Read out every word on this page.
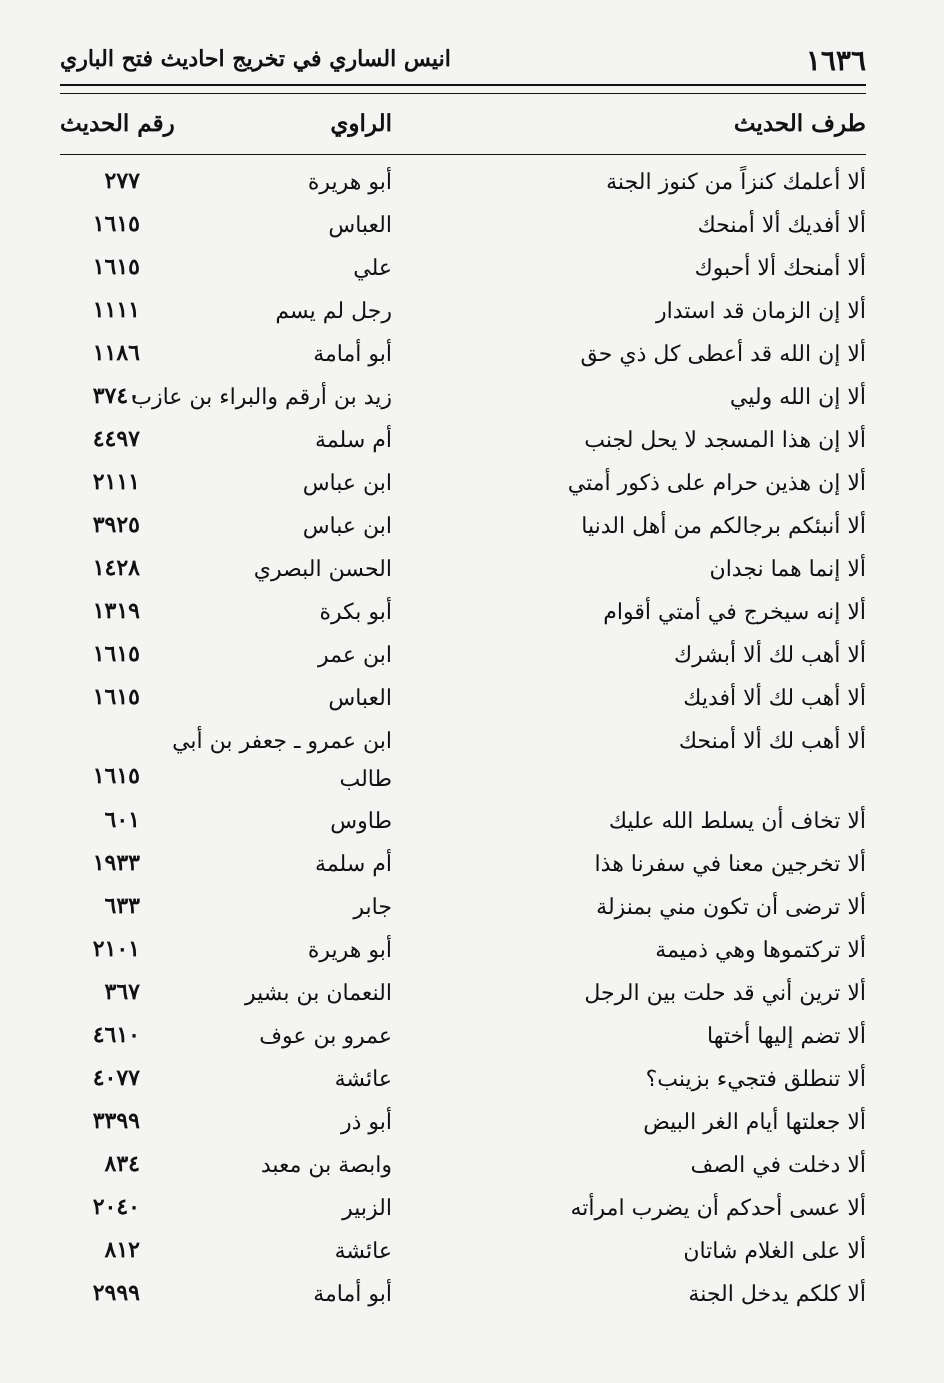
١٦٣٦
انيس الساري في تخريج احاديث فتح الباري
طرف الحديث
الراوي
رقم الحديث
ألا أعلمك كنزاً من كنوز الجنة
أبو هريرة
٢٧٧
ألا أفديك ألا أمنحك
العباس
١٦١٥
ألا أمنحك ألا أحبوك
علي
١٦١٥
ألا إن الزمان قد استدار
رجل لم يسم
١١١١
ألا إن الله قد أعطى كل ذي حق
أبو أمامة
١١٨٦
ألا إن الله وليي
زيد بن أرقم والبراء بن عازب
٣٧٤٠
ألا إن هذا المسجد لا يحل لجنب
أم سلمة
٤٤٩٧
ألا إن هذين حرام على ذكور أمتي
ابن عباس
٢١١١
ألا أنبئكم برجالكم من أهل الدنيا
ابن عباس
٣٩٢٥
ألا إنما هما نجدان
الحسن البصري
١٤٢٨
ألا إنه سيخرج في أمتي أقوام
أبو بكرة
١٣١٩
ألا أهب لك ألا أبشرك
ابن عمر
١٦١٥
ألا أهب لك ألا أفديك
العباس
١٦١٥
ألا أهب لك ألا أمنحك
ابن عمرو ـ جعفر بن أبي طالب
١٦١٥
ألا تخاف أن يسلط الله عليك
طاوس
٦٠١
ألا تخرجين معنا في سفرنا هذا
أم سلمة
١٩٣٣
ألا ترضى أن تكون مني بمنزلة
جابر
٦٣٣
ألا تركتموها وهي ذميمة
أبو هريرة
٢١٠١
ألا ترين أني قد حلت بين الرجل
النعمان بن بشير
٣٦٧
ألا تضم إليها أختها
عمرو بن عوف
٤٦١٠
ألا تنطلق فتجيء بزينب؟
عائشة
٤٠٧٧
ألا جعلتها أيام الغر البيض
أبو ذر
٣٣٩٩
ألا دخلت في الصف
وابصة بن معبد
٨٣٤
ألا عسى أحدكم أن يضرب امرأته
الزبير
٢٠٤٠
ألا على الغلام شاتان
عائشة
٨١٢
ألا كلكم يدخل الجنة
أبو أمامة
٢٩٩٩
